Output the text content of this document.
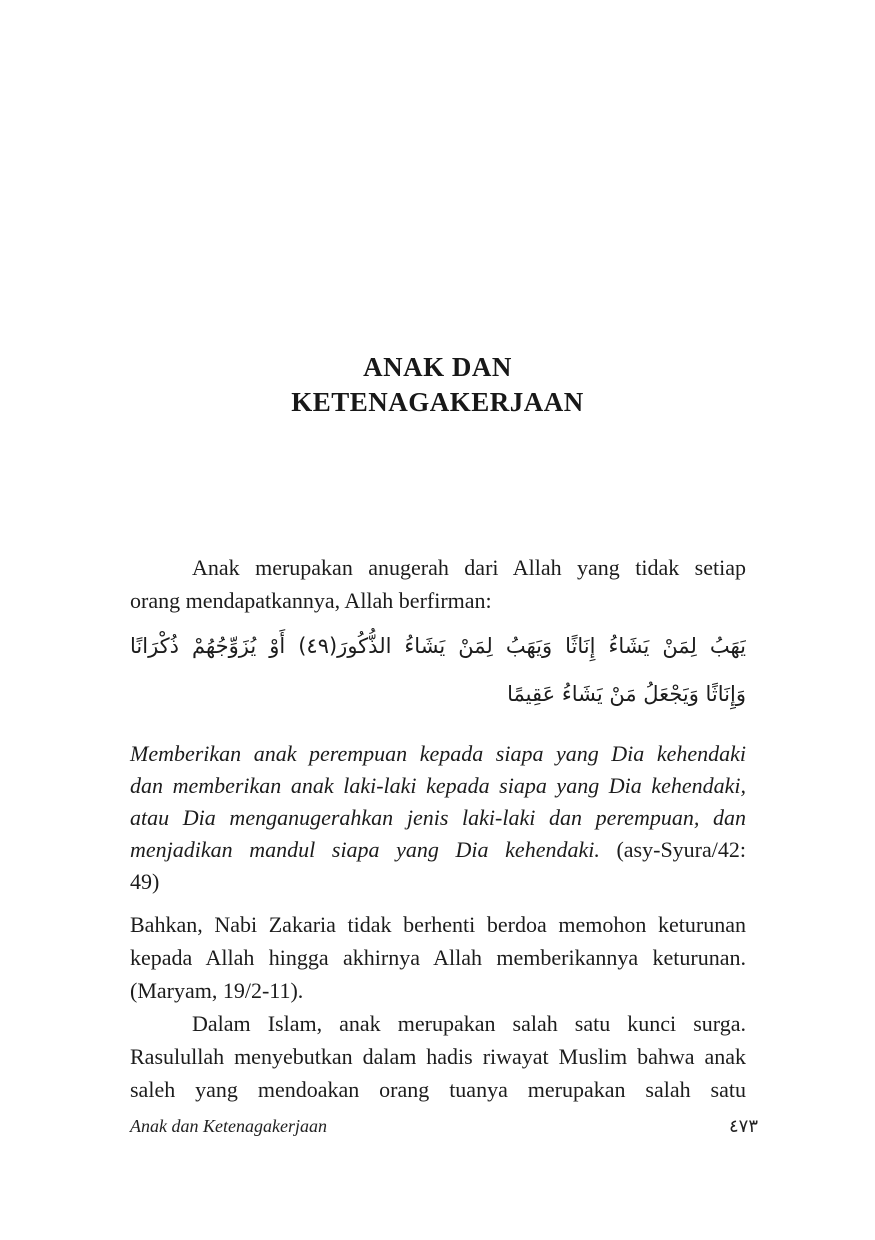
ANAK DAN
KETENAGAKERJAAN
Anak merupakan anugerah dari Allah yang tidak setiap
orang mendapatkannya, Allah berfirman:
يَهَبُ لِمَنْ يَشَاءُ إِنَاثًا وَيَهَبُ لِمَنْ يَشَاءُ الذُّكُورَ(٤٩) أَوْ يُزَوِّجُهُمْ ذُكْرَانًا
وَإِنَاثًا وَيَجْعَلُ مَنْ يَشَاءُ عَقِيمًا
Memberikan anak perempuan kepada siapa yang Dia kehendaki
dan memberikan anak laki-laki kepada siapa yang Dia kehendaki,
atau Dia menganugerahkan jenis laki-laki dan perempuan, dan
menjadikan mandul siapa yang Dia kehendaki. (asy-Syura/42:
49)
Bahkan, Nabi Zakaria tidak berhenti berdoa memohon keturunan
kepada Allah hingga akhirnya Allah memberikannya keturunan.
(Maryam, 19/2-11).
Dalam Islam, anak merupakan salah satu kunci surga.
Rasulullah menyebutkan dalam hadis riwayat Muslim bahwa anak
saleh yang mendoakan orang tuanya merupakan salah satu
Anak dan Ketenagakerjaan	٤٧٣
